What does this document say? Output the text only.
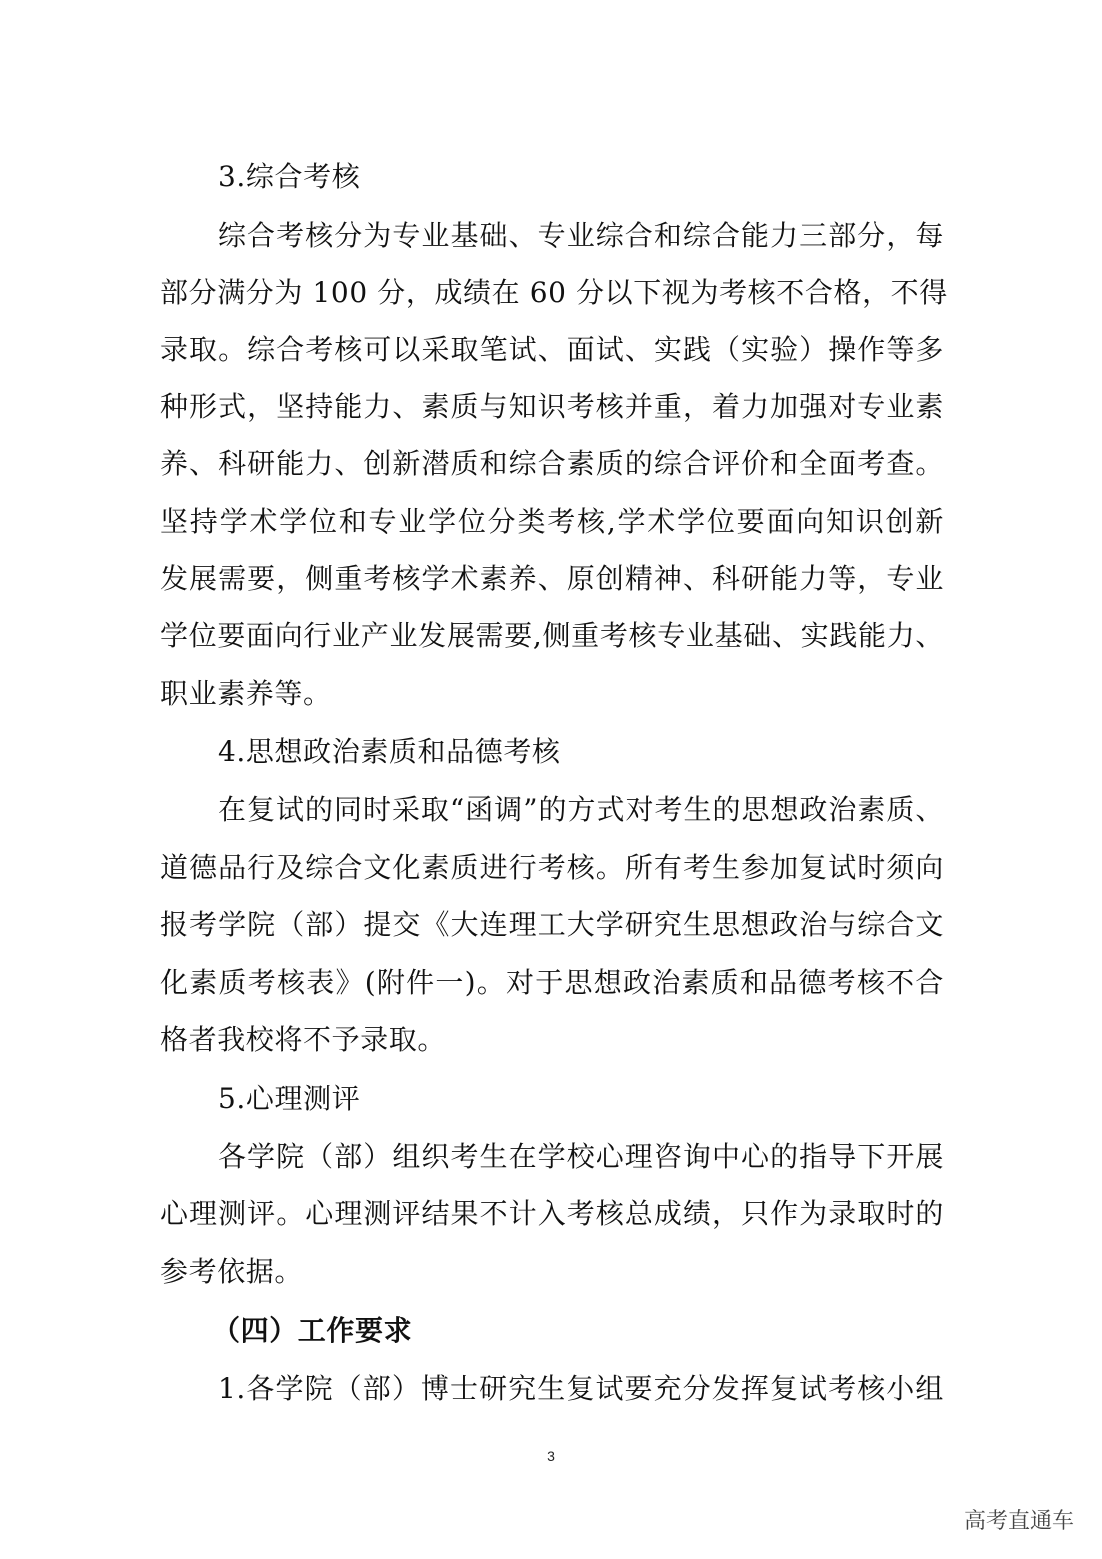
3.综合考核
综合考核分为专业基础、专业综合和综合能力三部分，每
部分满分为 100 分，成绩在 60 分以下视为考核不合格，不得
录取。综合考核可以采取笔试、面试、实践（实验）操作等多
种形式，坚持能力、素质与知识考核并重，着力加强对专业素
养、科研能力、创新潜质和综合素质的综合评价和全面考查。
坚持学术学位和专业学位分类考核,学术学位要面向知识创新
发展需要，侧重考核学术素养、原创精神、科研能力等，专业
学位要面向行业产业发展需要,侧重考核专业基础、实践能力、
职业素养等。
4.思想政治素质和品德考核
在复试的同时采取“函调”的方式对考生的思想政治素质、
道德品行及综合文化素质进行考核。所有考生参加复试时须向
报考学院（部）提交《大连理工大学研究生思想政治与综合文
化素质考核表》(附件一)。对于思想政治素质和品德考核不合
格者我校将不予录取。
5.心理测评
各学院（部）组织考生在学校心理咨询中心的指导下开展
心理测评。心理测评结果不计入考核总成绩，只作为录取时的
参考依据。
（四）工作要求
1.各学院（部）博士研究生复试要充分发挥复试考核小组
3
高考直通车
